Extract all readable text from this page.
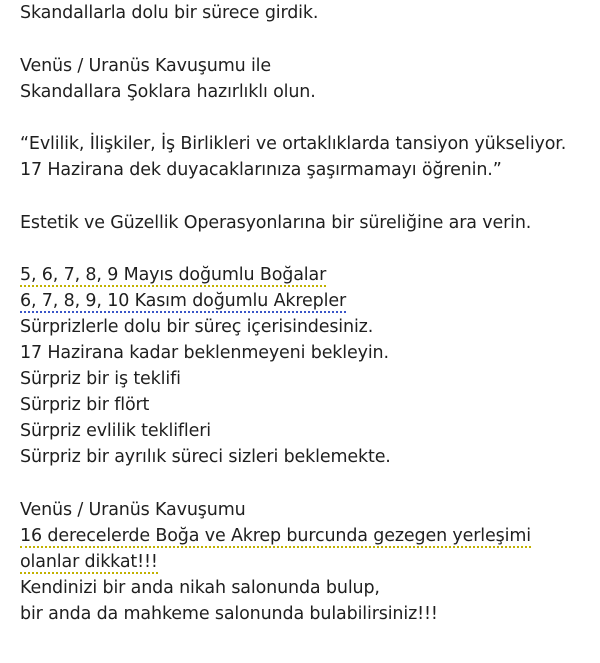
Skandallarla dolu bir sürece girdik.
Venüs / Uranüs Kavuşumu ile
Skandallara Şoklara hazırlıklı olun.
“Evlilik, İlişkiler, İş Birlikleri ve ortaklıklarda tansiyon yükseliyor.
17 Hazirana dek duyacaklarınıza şaşırmamayı öğrenin.”
Estetik ve Güzellik Operasyonlarına bir süreliğine ara verin.
5, 6, 7, 8, 9 Mayıs doğumlu Boğalar
6, 7, 8, 9, 10 Kasım doğumlu Akrepler
Sürprizlerle dolu bir süreç içerisindesiniz.
17 Hazirana kadar beklenmeyeni bekleyin.
Sürpriz bir iş teklifi
Sürpriz bir flört
Sürpriz evlilik teklifleri
Sürpriz bir ayrılık süreci sizleri beklemekte.
Venüs / Uranüs Kavuşumu
16 derecelerde Boğa ve Akrep burcunda gezegen yerleşimi
olanlar dikkat!!!
Kendinizi bir anda nikah salonunda bulup,
bir anda da mahkeme salonunda bulabilirsiniz!!!
